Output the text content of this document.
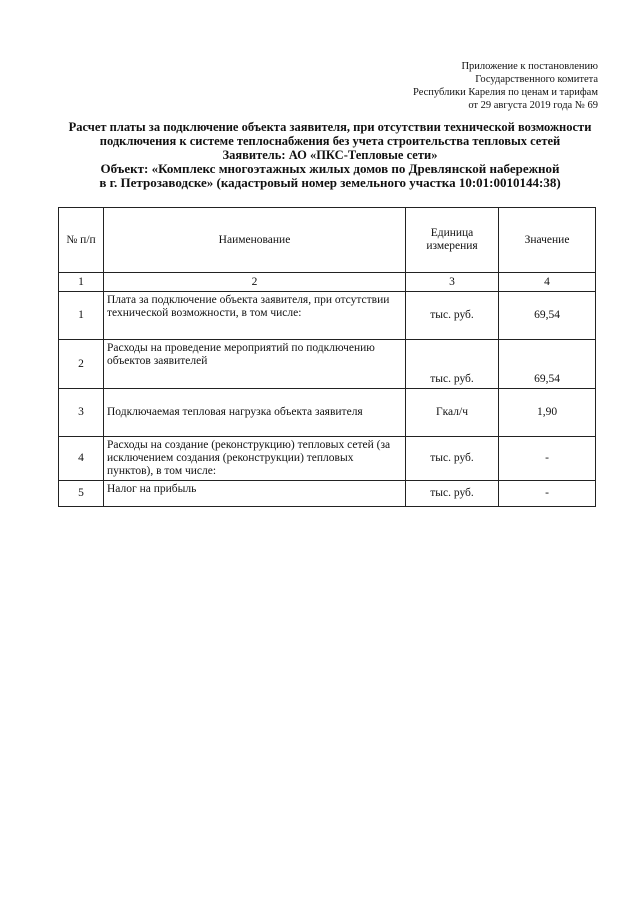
Приложение к постановлению
Государственного комитета
Республики Карелия по ценам и тарифам
от 29 августа 2019 года № 69
Расчет платы за подключение объекта заявителя, при отсутствии технической возможности
подключения к системе теплоснабжения без учета строительства тепловых сетей
Заявитель: АО «ПКС-Тепловые сети»
Объект: «Комплекс многоэтажных жилых домов по Древлянской набережной
в г. Петрозаводске» (кадастровый номер земельного участка 10:01:0010144:38)
№ п/п	Наименование	Единица измерения	Значение
1	2	3	4
1	Плата за подключение объекта заявителя, при отсутствии технической возможности, в том числе:	тыс. руб.	69,54
2	Расходы на проведение мероприятий по подключению объектов заявителей	тыс. руб.	69,54
3	Подключаемая тепловая нагрузка объекта заявителя	Гкал/ч	1,90
4	Расходы на создание (реконструкцию) тепловых сетей (за исключением создания (реконструкции) тепловых пунктов), в том числе:	тыс. руб.	-
5	Налог на прибыль	тыс. руб.	-
